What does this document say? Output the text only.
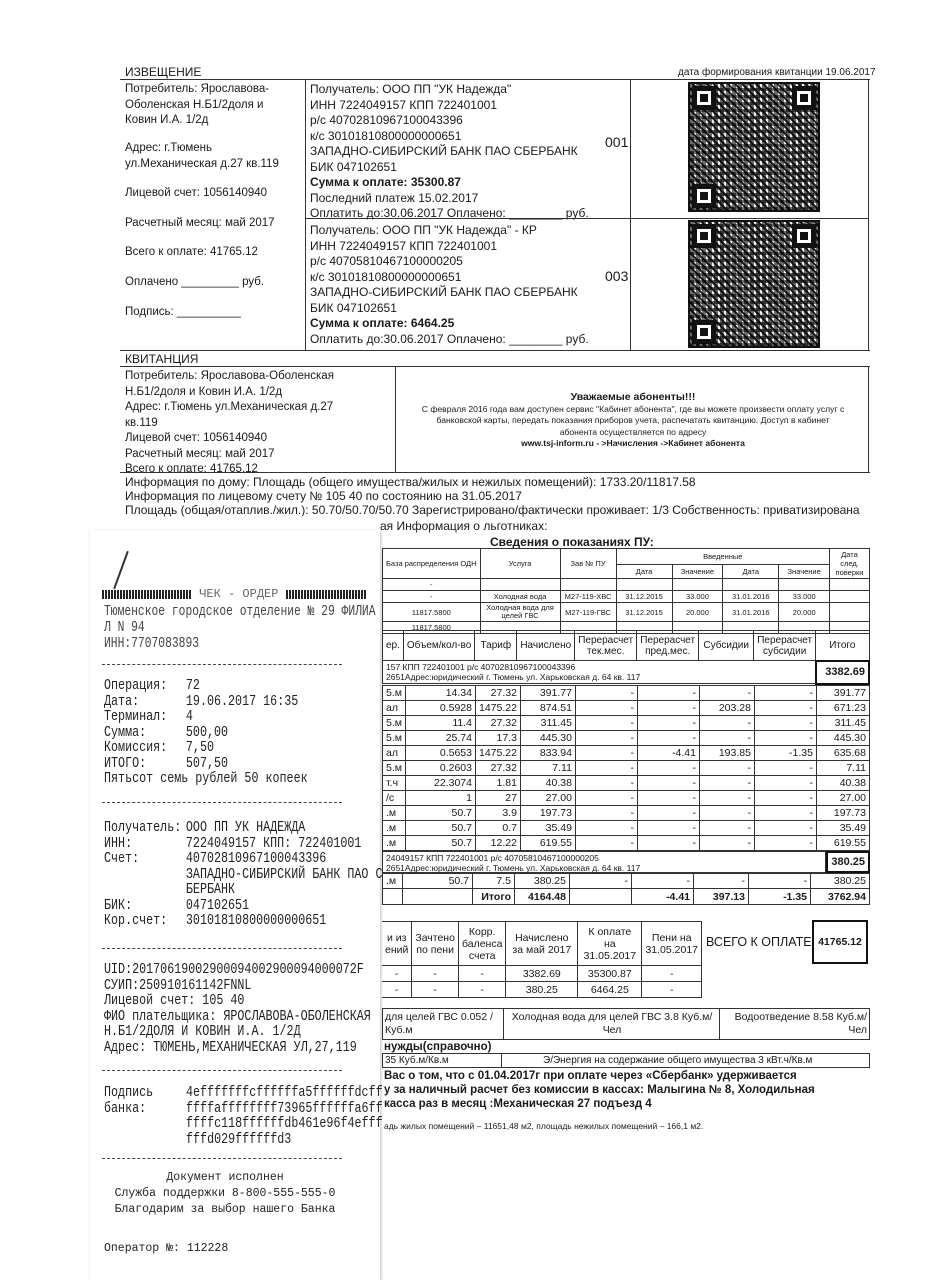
ИЗВЕЩЕНИЕ	дата формирования квитанции 19.06.2017
Потребитель: Ярославова-
Оболенская Н.Б1/2доля и
Ковин И.А. 1/2д
Адрес: г.Тюмень
ул.Механическая д.27 кв.119
Лицевой счет: 1056140940
Расчетный месяц: май 2017
Всего к оплате: 41765.12
Оплачено _________ руб.
Подпись: __________
Получатель: ООО ПП "УК Надежда"
ИНН 7224049157 КПП 722401001
р/с 40702810967100043396
к/с 30101810800000000651
ЗАПАДНО-СИБИРСКИЙ БАНК ПАО СБЕРБАНК
БИК 047102651
Сумма к оплате: 35300.87
Последний платеж 15.02.2017
Оплатить до:30.06.2017 Оплачено: ________ руб.
001
Получатель: ООО ПП "УК Надежда" - КР
ИНН 7224049157 КПП 722401001
р/с 40705810467100000205
к/с 30101810800000000651
ЗАПАДНО-СИБИРСКИЙ БАНК ПАО СБЕРБАНК
БИК 047102651
Сумма к оплате: 6464.25
Оплатить до:30.06.2017 Оплачено: ________ руб.
003
КВИТАНЦИЯ
Потребитель: Ярославова-Оболенская
Н.Б1/2доля и Ковин И.А. 1/2д
Адрес: г.Тюмень ул.Механическая д.27
кв.119
Лицевой счет: 1056140940
Расчетный месяц: май 2017
Всего к оплате: 41765.12
Уважаемые абоненты!!!
С февраля 2016 года вам доступен сервис "Кабинет абонента", где вы можете произвести оплату услуг с
банковской карты, передать показания приборов учета, распечатать квитанцию. Доступ в кабинет
абонента осуществляется по адресу
www.tsj-inform.ru - >Начисления ->Кабинет абонента
Информация по дому: Площадь (общего имущества/жилых и нежилых помещений): 1733.20/11817.58
Информация по лицевому счету № 105 40 по состоянию на 31.05.2017
Площадь (общая/отаплив./жил.): 50.70/50.70/50.70 Зарегистрировано/фактически проживает: 1/3 Собственность: приватизирована
ая Информация о льготниках:
Сведения о показаниях ПУ:
База распределения ОДН	Услуга	Зав № ПУ	Введенные				Дата след. поверки
			Дата	Значение	Дата	Значение	
-							
-	Холодная вода	М27-119-ХВС	31.12.2015	33.000	31.01.2016	33.000	
11817.5800	Холодная вода для целей ГВС	М27-119-ГВС	31.12.2015	20.000	31.01.2016	20.000	
11817.5800							
ер.	Объем/кол-во	Тариф	Начислено	Перерасчет тек.мес.	Перерасчет пред.мес.	Субсидии	Перерасчет субсидии	Итого

157 КПП 722401001 р/с 40702810967100043396
2651Адрес:юридический г. Тюмень ул. Харьковская д. 64 кв. 117								3382.69
5.м	14.34	27.32	391.77	-	-	-	-	391.77
ал	0.5928	1475.22	874.51	-	-	203.28	-	671.23
5.м	11.4	27.32	311.45	-	-	-	-	311.45
5.м	25.74	17.3	445.30	-	-	-	-	445.30
ал	0.5653	1475.22	833.94	-	-4.41	193.85	-1.35	635.68
5.м	0.2603	27.32	7.11	-	-	-	-	7.11
т.ч	22.3074	1.81	40.38	-	-	-	-	40.38
/с	1	27	27.00	-	-	-	-	27.00
.м	50.7	3.9	197.73	-	-	-	-	197.73
.м	50.7	0.7	35.49	-	-	-	-	35.49
.м	50.7	12.22	619.55	-	-	-	-	619.55
24049157 КПП 722401001 р/с 40705810467100000205
2651Адрес:юридический г. Тюмень ул. Харьковская д. 64 кв. 117	380.25
.м	50.7	7.5	380.25	-	-	-	-	380.25
		Итого	4164.48		-4.41	397.13	-1.35	3762.94
и из ений	Зачтено по пени	Корр. баленса счета	Начислено за май 2017	К оплате на 31.05.2017	Пени на 31.05.2017
-	-	-	3382.69	35300.87	-
-	-	-	380.25	6464.25	-
ВСЕГО К ОПЛАТЕ 41765.12
для целей ГВС 0.052 /Куб.м
Холодная вода для целей ГВС 3.8 Куб.м/Чел
Водоотведение 8.58 Куб.м/Чел
нужды(справочно)
35 Куб.м/Кв.м	Э/Энергия на содержание общего имущества 3 кВт.ч/Кв.м
Вас о том, что с 01.04.2017г при оплате через «Сбербанк» удерживается
у за наличный расчет без комиссии в кассах: Малыгина № 8, Холодильная
касса раз в месяц :Механическая 27 подъезд 4
адь жилых помещений – 11651,48 м2, площадь нежилых помещений – 166,1 м2.
ЧЕК - ОРДЕР
Тюменское городское отделение № 29 ФИЛИА
Л N 94
ИНН:7707083893
Операция: 72
Дата:	19.06.2017 16:35
Терминал: 4
Сумма:	500,00
Комиссия: 7,50
ИТОГО:	507,50
Пятьсот семь рублей 50 копеек
Получатель: ООО ПП УК НАДЕЖДА
ИНН:	7224049157 КПП: 722401001
Счет:	40702810967100043396
ЗАПАДНО-СИБИРСКИЙ БАНК ПАО С
БЕРБАНК
БИК:	047102651
Кор.счет: 30101810800000000651
UID:20170619002900094002900094000072F
СУИП:250910161142FNNL
Лицевой счет: 105 40
ФИО плательщика: ЯРОСЛАВОВА-ОБОЛЕНСКАЯ
Н.Б1/2ДОЛЯ И КОВИН И.А. 1/2Д
Адрес: ТЮМЕНЬ,МЕХАНИЧЕСКАЯ УЛ,27,119
Подпись
банка:
4efffffffcffffffa5ffffffdcff
ffffaffffffff73965ffffffa6ff
ffffc118ffffffdb461e96f4efff
fffd029ffffffd3
Документ исполнен
Служба поддержки 8-800-555-555-0
Благодарим за выбор нашего Банка
Оператор №: 112228
